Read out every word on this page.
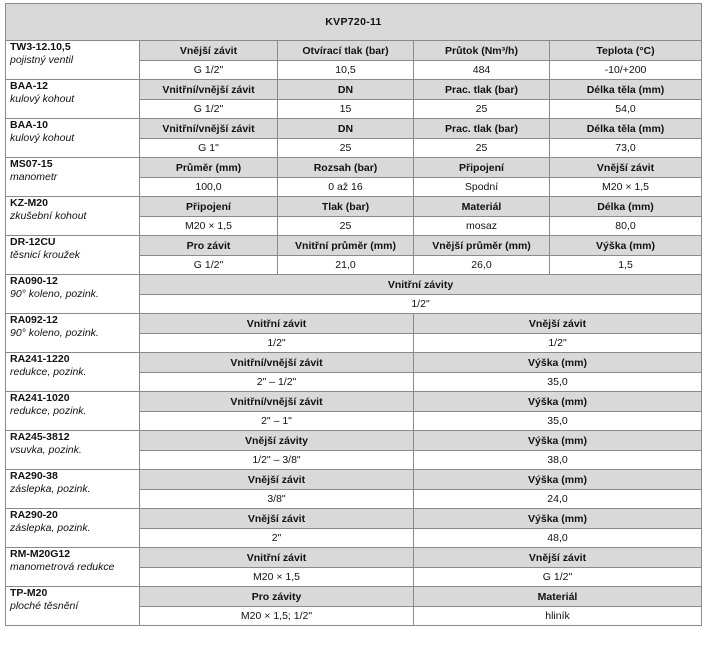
KVP720-11				

TW3-12.10,5
pojistný ventil	Vnější závit	Otvírací tlak (bar)	Průtok (Nm³/h)	Teplota (°C)
	G 1/2"	10,5	484	-10/+200

BAA-12
kulový kohout	Vnitřní/vnější závit	DN	Prac. tlak (bar)	Délka těla (mm)
	G 1/2"	15	25	54,0

BAA-10
kulový kohout	Vnitřní/vnější závit	DN	Prac. tlak (bar)	Délka těla (mm)
	G 1"	25	25	73,0

MS07-15
manometr	Průměr (mm)	Rozsah (bar)	Připojení	Vnější závit
	100,0	0 až 16	Spodní	M20 × 1,5

KZ-M20
zkušební kohout	Připojení	Tlak (bar)	Materiál	Délka (mm)
	M20 × 1,5	25	mosaz	80,0

DR-12CU
těsnicí kroužek	Pro závit	Vnitřní průměr (mm)	Vnější průměr (mm)	Výška (mm)
	G 1/2"	21,0	26,0	1,5

RA090-12
90° koleno, pozink.	Vnitřní závity			
	1/2"			

RA092-12
90° koleno, pozink.	Vnitřní závit		Vnější závit	
	1/2"		1/2"	

RA241-1220
redukce, pozink.	Vnitřní/vnější závit		Výška (mm)	
	2" – 1/2"		35,0	

RA241-1020
redukce, pozink.	Vnitřní/vnější závit		Výška (mm)	
	2" – 1"		35,0	

RA245-3812
vsuvka, pozink.	Vnější závity		Výška (mm)	
	1/2" – 3/8"		38,0	

RA290-38
záslepka, pozink.	Vnější závit		Výška (mm)	
	3/8"		24,0	

RA290-20
záslepka, pozink.	Vnější závit		Výška (mm)	
	2"		48,0	

RM-M20G12
manometrová redukce	Vnitřní závit		Vnější závit	
	M20 × 1,5		G 1/2"	

TP-M20
ploché těsnění	Pro závity		Materiál	
	M20 × 1,5; 1/2"		hliník	
